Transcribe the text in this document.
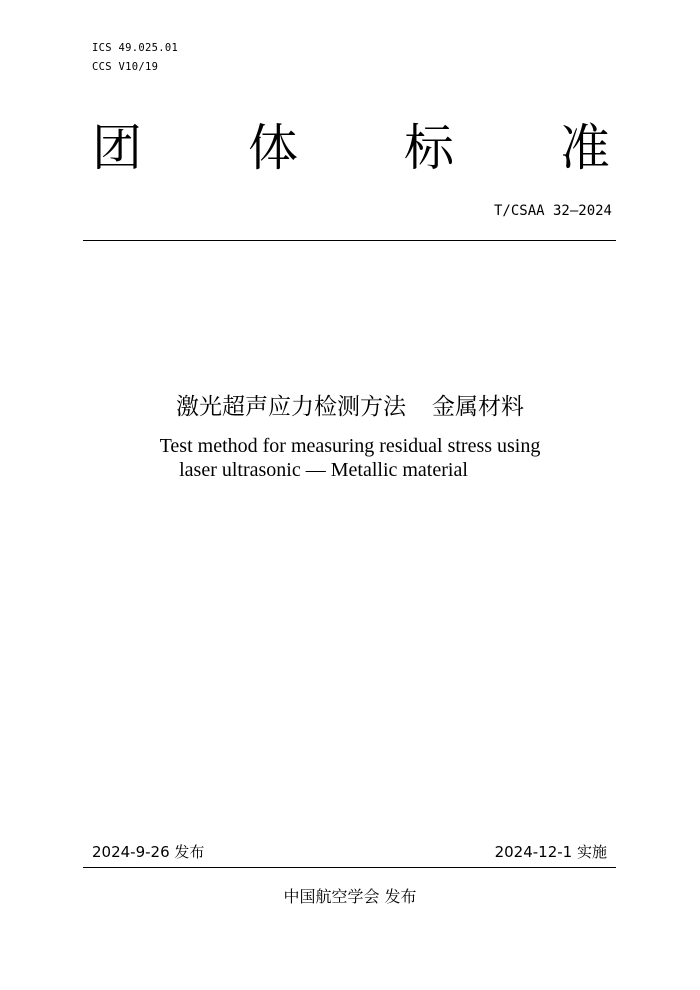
ICS 49.025.01
CCS V10/19
团 体 标 准
T/CSAA 32—2024
激光超声应力检测方法 金属材料
Test method for measuring residual stress using
laser ultrasonic — Metallic material
2024-9-26 发布	2024-12-1 实施
中国航空学会 发布
